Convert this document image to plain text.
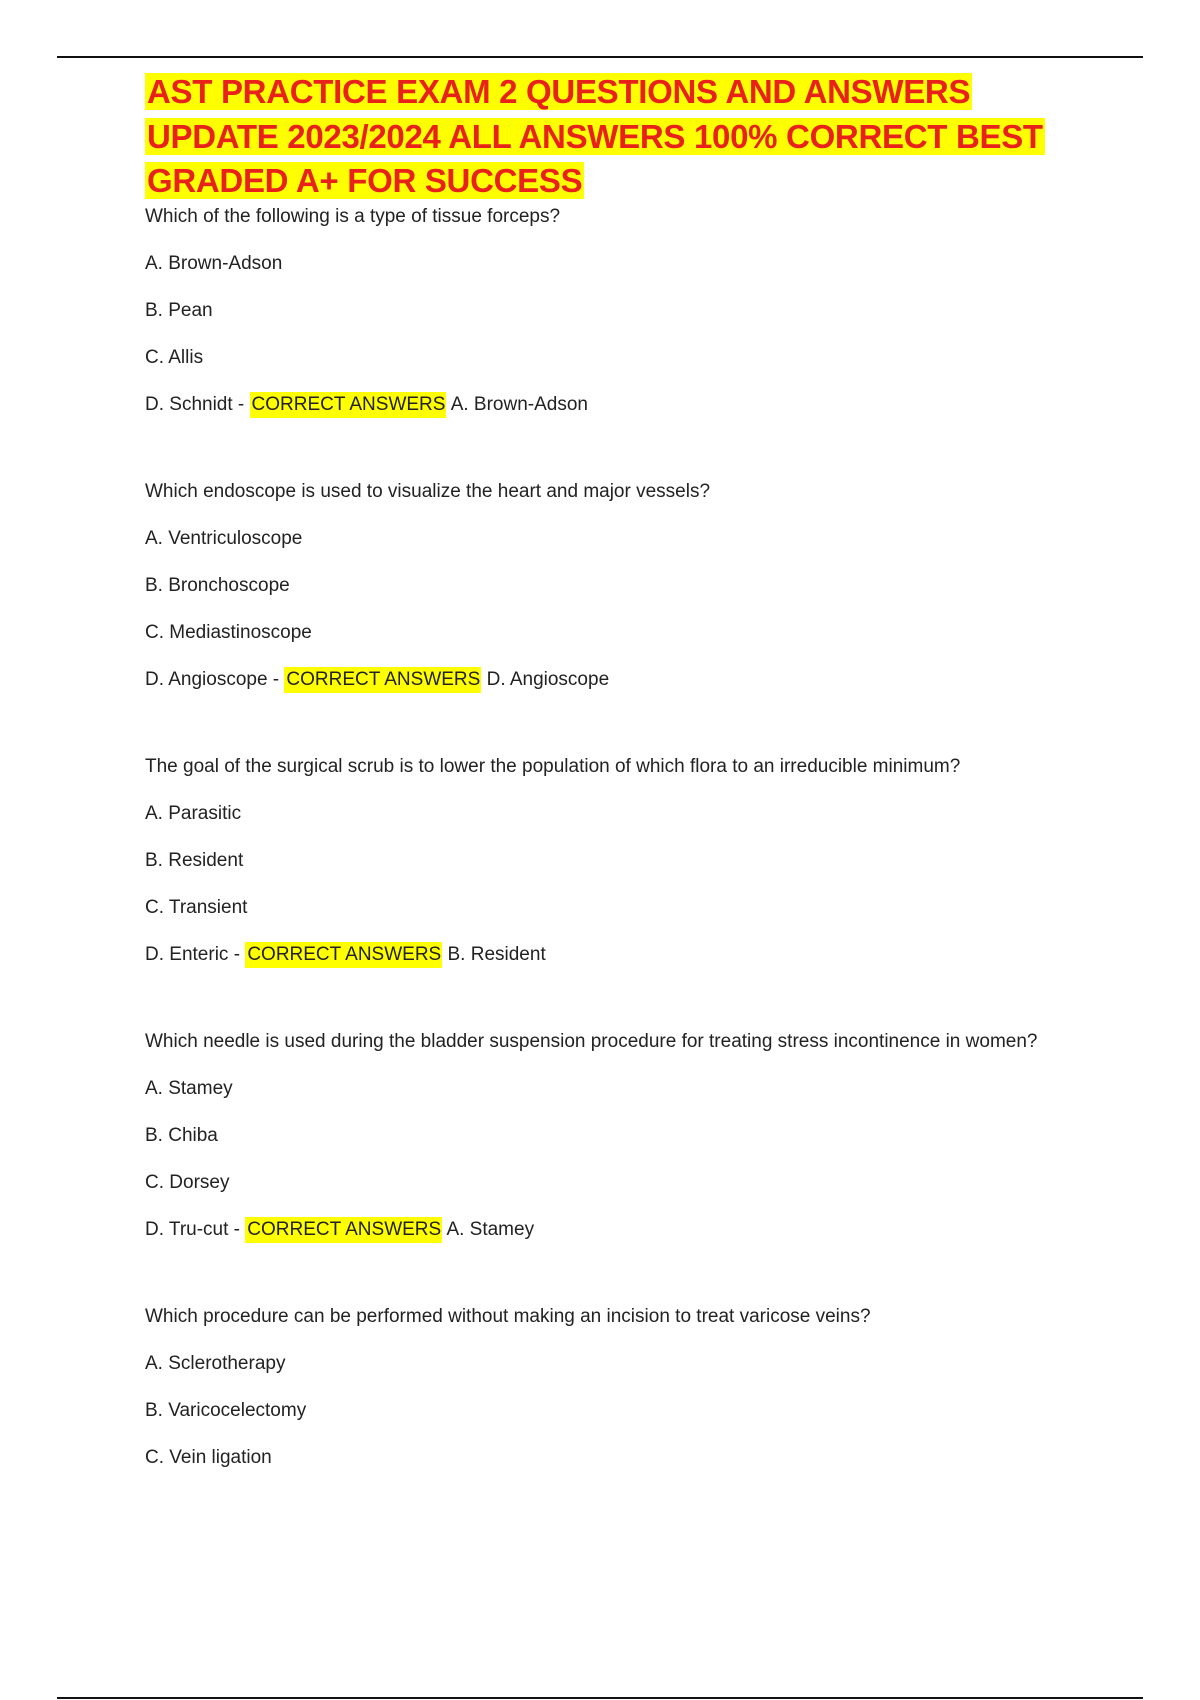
AST PRACTICE EXAM 2 QUESTIONS AND ANSWERS UPDATE 2023/2024 ALL ANSWERS 100% CORRECT BEST GRADED A+ FOR SUCCESS

Which of the following is a type of tissue forceps?

A. Brown-Adson

B. Pean

C. Allis

D. Schnidt - CORRECT ANSWERS A. Brown-Adson

Which endoscope is used to visualize the heart and major vessels?

A. Ventriculoscope

B. Bronchoscope

C. Mediastinoscope

D. Angioscope - CORRECT ANSWERS D. Angioscope

The goal of the surgical scrub is to lower the population of which flora to an irreducible minimum?

A. Parasitic

B. Resident

C. Transient

D. Enteric - CORRECT ANSWERS B. Resident

Which needle is used during the bladder suspension procedure for treating stress incontinence in women?

A. Stamey

B. Chiba

C. Dorsey

D. Tru-cut - CORRECT ANSWERS A. Stamey

Which procedure can be performed without making an incision to treat varicose veins?

A. Sclerotherapy

B. Varicocelectomy

C. Vein ligation
